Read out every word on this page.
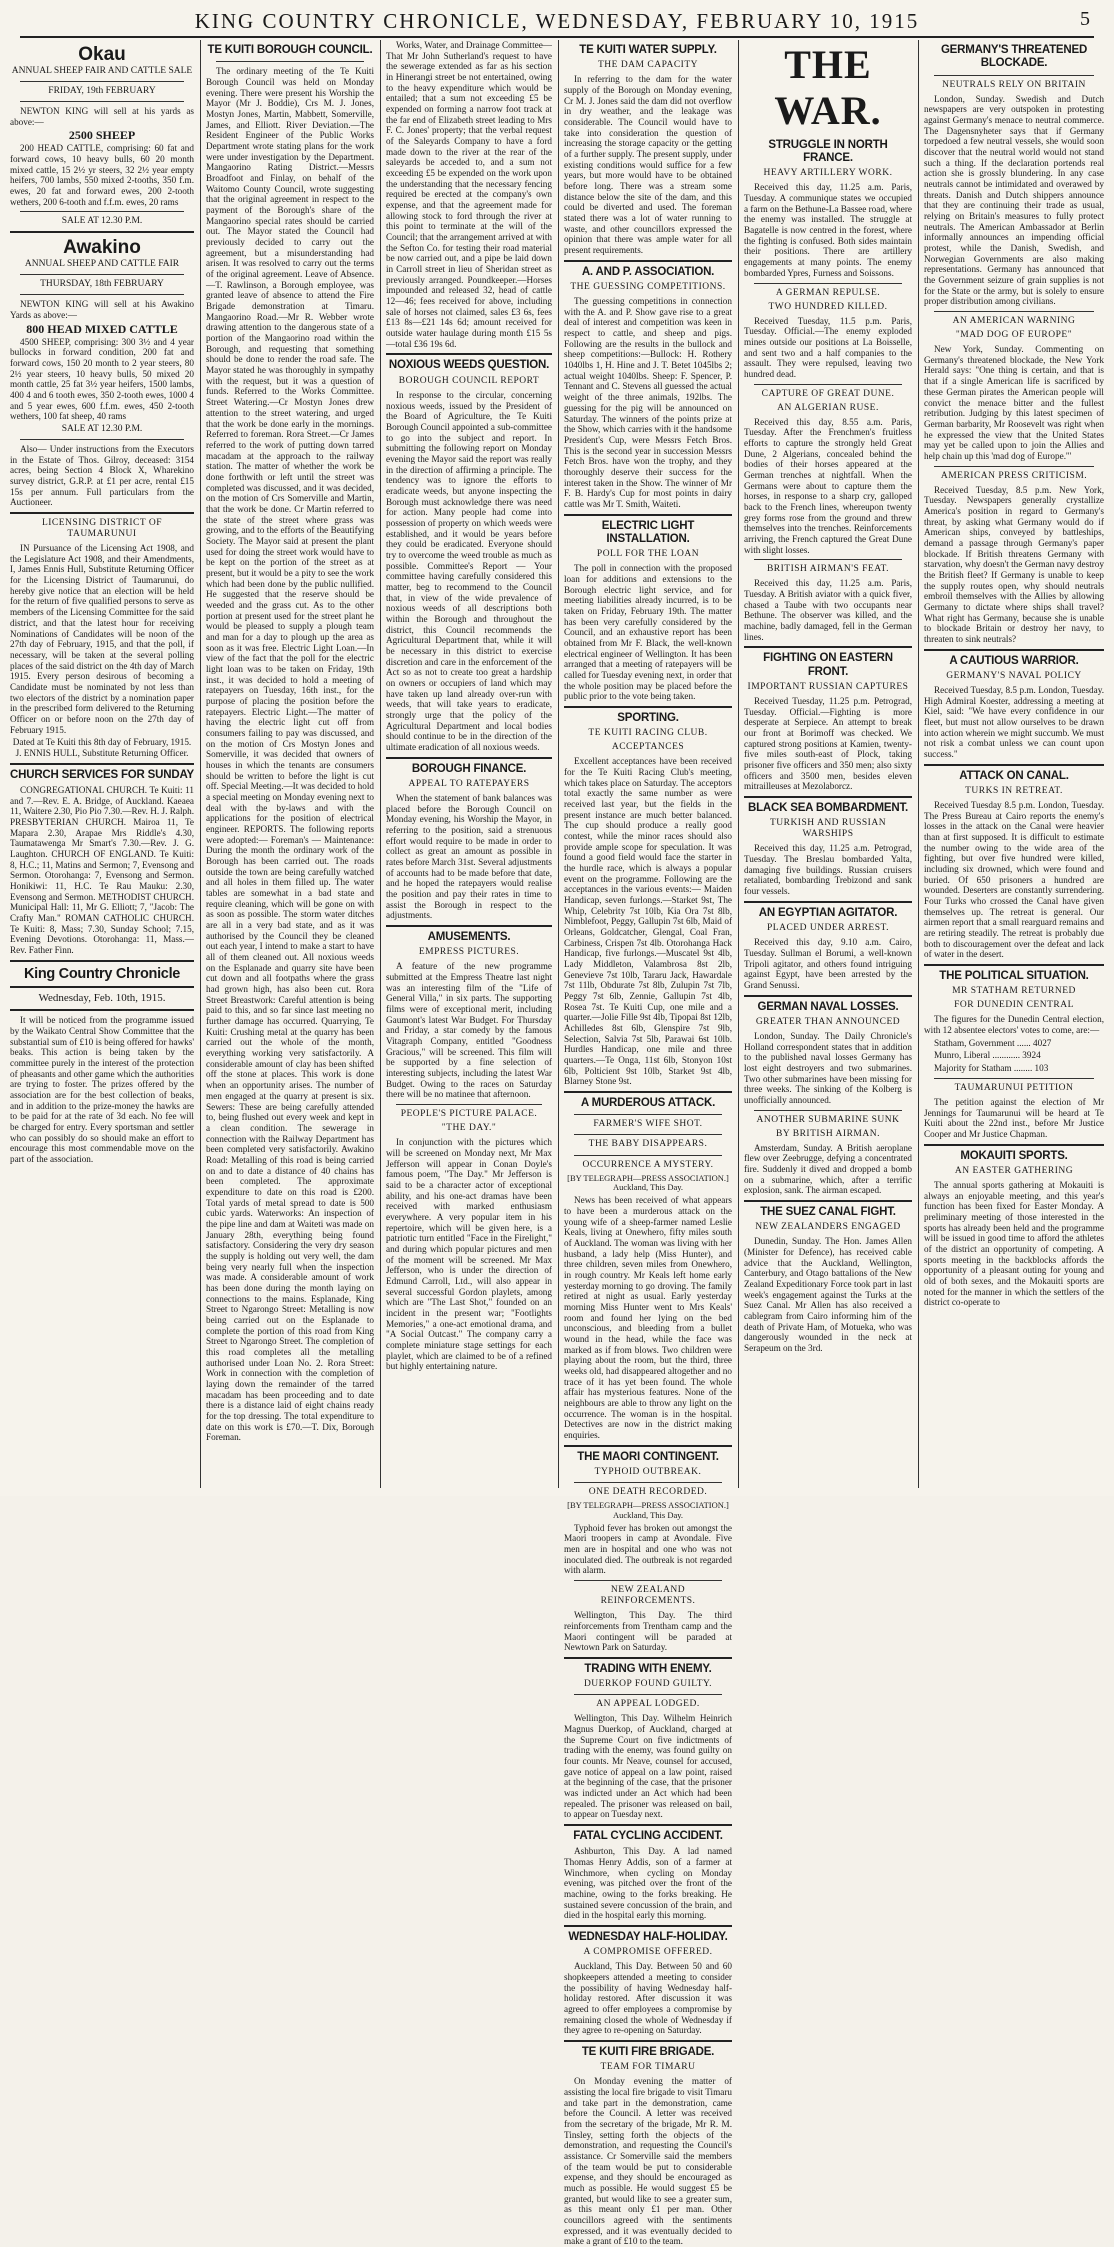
KING COUNTRY CHRONICLE, WEDNESDAY, FEBRUARY 10, 1915	5
Okau
ANNUAL SHEEP FAIR AND CATTLE SALE
FRIDAY, 19th FEBRUARY

NEWTON KING will sell at his yards as above:—

2500 SHEEP

200 HEAD CATTLE, comprising: 60 fat and forward cows, 10 heavy bulls, 60 20 month mixed cattle, 15 2½ yr steers, 32 2½ year empty heifers, 700 lambs, 550 mixed 2-tooths, 350 f.m. ewes, 20 fat and forward ewes, 200 2-tooth wethers, 200 6-tooth and f.f.m. ewes, 20 rams

SALE AT 12.30 P.M.
Awakino
ANNUAL SHEEP AND CATTLE FAIR
THURSDAY, 18th FEBRUARY

NEWTON KING will sell at his Awakino Yards as above:—

800 HEAD MIXED CATTLE

4500 SHEEP, comprising: 300 3½ and 4 year bullocks in forward condition, 200 fat and forward cows, 150 20 month to 2 year steers, 80 2½ year steers, 10 heavy bulls, 50 mixed 20 month cattle, 25 fat 3½ year heifers, 1500 lambs, 400 4 and 6 tooth ewes, 350 2-tooth ewes, 1000 4 and 5 year ewes, 600 f.f.m. ewes, 450 2-tooth wethers, 100 fat sheep, 40 rams

SALE AT 12.30 P.M.

Also— Under instructions from the Executors in the Estate of Thos. Gilroy, deceased: 3154 acres, being Section 4 Block X, Wharekino survey district, G.R.P. at £1 per acre, rental £15 15s per annum. Full particulars from the Auctioneer.

LICENSING DISTRICT OF TAUMARUNUI

IN Pursuance of the Licensing Act 1908, and the Legislature Act 1908, and their Amendments, I, James Ennis Hull, Substitute Returning Officer for the Licensing District of Taumarunui, do hereby give notice that an election will be held for the return of five qualified persons to serve as members of the Licensing Committee for the said district, and that the latest hour for receiving Nominations of Candidates will be noon of the 27th day of February, 1915, and that the poll, if necessary, will be taken at the several polling places of the said district on the 4th day of March 1915. Every person desirous of becoming a Candidate must be nominated by not less than two electors of the district by a nomination paper in the prescribed form delivered to the Returning Officer on or before noon on the 27th day of February 1915.

Dated at Te Kuiti this 8th day of February, 1915. J. ENNIS HULL, Substitute Returning Officer.

CHURCH SERVICES FOR SUNDAY

CONGREGATIONAL CHURCH. Te Kuiti: 11 and 7.—Rev. E. A. Bridge, of Auckland. Kaeaea 11, Waitere 2.30, Pio Pio 7.30.—Rev. H. J. Ralph. PRESBYTERIAN CHURCH. Mairoa 11, Te Mapara 2.30, Arapae Mrs Riddle's 4.30, Taumatawenga Mr Smart's 7.30.—Rev. J. G. Laughton. CHURCH OF ENGLAND. Te Kuiti: 8, H.C.; 11, Matins and Sermon; 7, Evensong and Sermon. Otorohanga: 7, Evensong and Sermon. Honikiwi: 11, H.C. Te Rau Mauku: 2.30, Evensong and Sermon. METHODIST CHURCH. Municipal Hall: 11, Mr G. Elliott; 7, "Jacob: The Crafty Man." ROMAN CATHOLIC CHURCH. Te Kuiti: 8, Mass; 7.30, Sunday School; 7.15, Evening Devotions. Otorohanga: 11, Mass.—Rev. Father Finn.

King Country Chronicle
Wednesday, Feb. 10th, 1915.

It will be noticed from the programme issued by the Waikato Central Show Committee that the substantial sum of £10 is being offered for hawks' beaks. This action is being taken by the committee purely in the interest of the protection of pheasants and other game which the authorities are trying to foster. The prizes offered by the association are for the best collection of beaks, and in addition to the prize-money the hawks are to be paid for at the rate of 3d each. No fee will be charged for entry. Every sportsman and settler who can possibly do so should make an effort to encourage this most commendable move on the part of the association.

TE KUITI BOROUGH COUNCIL.

The ordinary meeting of the Te Kuiti Borough Council was held on Monday evening. There were present his Worship the Mayor (Mr J. Boddie), Crs M. J. Jones, Mostyn Jones, Martin, Mabbett, Somerville, James, and Elliott. River Deviation.—The Resident Engineer of the Public Works Department wrote stating plans for the work were under investigation by the Department. Mangaorino Rating District.—Messrs Broadfoot and Finlay, on behalf of the Waitomo County Council, wrote suggesting that the original agreement in respect to the payment of the Borough's share of the Mangaorino special rates should be carried out. The Mayor stated the Council had previously decided to carry out the agreement, but a misunderstanding had arisen. It was resolved to carry out the terms of the original agreement. Leave of Absence.—T. Rawlinson, a Borough employee, was granted leave of absence to attend the Fire Brigade demonstration at Timaru. Mangaorino Road.—Mr R. Webber wrote drawing attention to the dangerous state of a portion of the Mangaorino road within the Borough, and requesting that something should be done to render the road safe. The Mayor stated he was thoroughly in sympathy with the request, but it was a question of funds. Referred to the Works Committee. Street Watering.—Cr Mostyn Jones drew attention to the street watering, and urged that the work be done early in the mornings. Referred to foreman. Rora Street.—Cr James referred to the work of putting down tarred macadam at the approach to the railway station. The matter of whether the work be done forthwith or left until the street was completed was discussed, and it was decided, on the motion of Crs Somerville and Martin, that the work be done. Cr Martin referred to the state of the street where grass was growing, and to the efforts of the Beautifying Society. The Mayor said at present the plant used for doing the street work would have to be kept on the portion of the street as at present, but it would be a pity to see the work which had been done by the public nullified. He suggested that the reserve should be weeded and the grass cut. As to the other portion at present used for the street plant he would be pleased to supply a plough team and man for a day to plough up the area as soon as it was free. Electric Light Loan.—In view of the fact that the poll for the electric light loan was to be taken on Friday, 19th inst., it was decided to hold a meeting of ratepayers on Tuesday, 16th inst., for the purpose of placing the position before the ratepayers. Electric Light.—The matter of having the electric light cut off from consumers failing to pay was discussed, and on the motion of Crs Mostyn Jones and Somerville, it was decided that owners of houses in which the tenants are consumers should be written to before the light is cut off. Special Meeting.—It was decided to hold a special meeting on Monday evening next to deal with the by-laws and with the applications for the position of electrical engineer. REPORTS. The following reports were adopted:— Foreman's — Maintenance: During the month the ordinary work of the Borough has been carried out. The roads outside the town are being carefully watched and all holes in them filled up. The water tables are somewhat in a bad state and require cleaning, which will be gone on with as soon as possible. The storm water ditches are all in a very bad state, and as it was authorised by the Council they be cleaned out each year, I intend to make a start to have all of them cleaned out. All noxious weeds on the Esplanade and quarry site have been cut down and all footpaths where the grass had grown high, has also been cut. Rora Street Breastwork: Careful attention is being paid to this, and so far since last meeting no further damage has occurred. Quarrying, Te Kuiti: Crushing metal at the quarry has been carried out the whole of the month, everything working very satisfactorily. A considerable amount of clay has been shifted off the stone at places. This work is done when an opportunity arises. The number of men engaged at the quarry at present is six. Sewers: These are being carefully attended to, being flushed out every week and kept in a clean condition. The sewerage in connection with the Railway Department has been completed very satisfactorily. Awakino Road: Metalling of this road is being carried on and to date a distance of 40 chains has been completed. The approximate expenditure to date on this road is £200. Total yards of metal spread to date is 500 cubic yards. Waterworks: An inspection of the pipe line and dam at Waiteti was made on January 28th, everything being found satisfactory. Considering the very dry season the supply is holding out very well, the dam being very nearly full when the inspection was made. A considerable amount of work has been done during the month laying on connections to the mains. Esplanade, King Street to Ngarongo Street: Metalling is now being carried out on the Esplanade to complete the portion of this road from King Street to Ngarongo Street. The completion of this road completes all the metalling authorised under Loan No. 2. Rora Street: Work in connection with the completion of laying down the remainder of the tarred macadam has been proceeding and to date there is a distance laid of eight chains ready for the top dressing. The total expenditure to date on this work is £70.—T. Dix, Borough Foreman.

Works, Water, and Drainage Committee—That Mr John Sutherland's request to have the sewerage extended as far as his section in Hinerangi street be not entertained, owing to the heavy expenditure which would be entailed; that a sum not exceeding £5 be expended on forming a narrow foot track at the far end of Elizabeth street leading to Mrs F. C. Jones' property; that the verbal request of the Saleyards Company to have a ford made down to the river at the rear of the saleyards be acceded to, and a sum not exceeding £5 be expended on the work upon the understanding that the necessary fencing required be erected at the company's own expense, and that the agreement made for allowing stock to ford through the river at this point to terminate at the will of the Council; that the arrangement arrived at with the Sefton Co. for testing their road material be now carried out, and a pipe be laid down in Carroll street in lieu of Sheridan street as previously arranged. Poundkeeper.—Horses impounded and released 32, head of cattle 12—46; fees received for above, including sale of horses not claimed, sales £3 6s, fees £13 8s—£21 14s 6d; amount received for outside water haulage during month £15 5s—total £36 19s 6d.

NOXIOUS WEEDS QUESTION.
BOROUGH COUNCIL REPORT

In response to the circular, concerning noxious weeds, issued by the President of the Board of Agriculture, the Te Kuiti Borough Council appointed a sub-committee to go into the subject and report. In submitting the following report on Monday evening the Mayor said the report was really in the direction of affirming a principle. The tendency was to ignore the efforts to eradicate weeds, but anyone inspecting the Borough must acknowledge there was need for action. Many people had come into possession of property on which weeds were established, and it would be years before they could be eradicated. Everyone should try to overcome the weed trouble as much as possible. Committee's Report — Your committee having carefully considered this matter, beg to recommend to the Council that, in view of the wide prevalence of noxious weeds of all descriptions both within the Borough and throughout the district, this Council recommends the Agricultural Department that, while it will be necessary in this district to exercise discretion and care in the enforcement of the Act so as not to create too great a hardship on owners or occupiers of land which may have taken up land already over-run with weeds, that will take years to eradicate, strongly urge that the policy of the Agricultural Department and local bodies should continue to be in the direction of the ultimate eradication of all noxious weeds.

BOROUGH FINANCE.
APPEAL TO RATEPAYERS

When the statement of bank balances was placed before the Borough Council on Monday evening, his Worship the Mayor, in referring to the position, said a strenuous effort would require to be made in order to collect as great an amount as possible in rates before March 31st. Several adjustments of accounts had to be made before that date, and he hoped the ratepayers would realise the position and pay their rates in time to assist the Borough in respect to the adjustments.

AMUSEMENTS.
EMPRESS PICTURES.

A feature of the new programme submitted at the Empress Theatre last night was an interesting film of the "Life of General Villa," in six parts. The supporting films were of exceptional merit, including Gaumont's latest War Budget. For Thursday and Friday, a star comedy by the famous Vitagraph Company, entitled "Goodness Gracious," will be screened. This film will be supported by a fine selection of interesting subjects, including the latest War Budget. Owing to the races on Saturday there will be no matinee that afternoon.

PEOPLE'S PICTURE PALACE.
"THE DAY."

In conjunction with the pictures which will be screened on Monday next, Mr Max Jefferson will appear in Conan Doyle's famous poem, "The Day." Mr Jefferson is said to be a character actor of exceptional ability, and his one-act dramas have been received with marked enthusiasm everywhere. A very popular item in his repertoire, which will be given here, is a patriotic turn entitled "Face in the Firelight," and during which popular pictures and men of the moment will be screened. Mr Max Jefferson, who is under the direction of Edmund Carroll, Ltd., will also appear in several successful Gordon playlets, among which are "The Last Shot," founded on an incident in the present war; "Footlights Memories," a one-act emotional drama, and "A Social Outcast." The company carry a complete miniature stage settings for each playlet, which are claimed to be of a refined but highly entertaining nature.

TE KUITI WATER SUPPLY.
THE DAM CAPACITY

In referring to the dam for the water supply of the Borough on Monday evening, Cr M. J. Jones said the dam did not overflow in dry weather, and the leakage was considerable. The Council would have to take into consideration the question of increasing the storage capacity or the getting of a further supply. The present supply, under existing conditions would suffice for a few years, but more would have to be obtained before long. There was a stream some distance below the site of the dam, and this could be diverted and used. The foreman stated there was a lot of water running to waste, and other councillors expressed the opinion that there was ample water for all present requirements.

A. AND P. ASSOCIATION.
THE GUESSING COMPETITIONS.

The guessing competitions in connection with the A. and P. Show gave rise to a great deal of interest and competition was keen in respect to cattle, and sheep and pigs. Following are the results in the bullock and sheep competitions:—Bullock: H. Rothery 1040lbs 1, H. Hine and J. T. Betet 1045lbs 2; actual weight 1040lbs. Sheep: F. Spencer, P. Tennant and C. Stevens all guessed the actual weight of the three animals, 192lbs. The guessing for the pig will be announced on Saturday. The winners of the points prize at the Show, which carries with it the handsome President's Cup, were Messrs Fetch Bros. This is the second year in succession Messrs Fetch Bros. have won the trophy, and they thoroughly deserve their success for the interest taken in the Show. The winner of Mr F. B. Hardy's Cup for most points in dairy cattle was Mr T. Smith, Waiteti.

ELECTRIC LIGHT INSTALLATION.
POLL FOR THE LOAN

The poll in connection with the proposed loan for additions and extensions to the Borough electric light service, and for meeting liabilities already incurred, is to be taken on Friday, February 19th. The matter has been very carefully considered by the Council, and an exhaustive report has been obtained from Mr F. Black, the well-known electrical engineer of Wellington. It has been arranged that a meeting of ratepayers will be called for Tuesday evening next, in order that the whole position may be placed before the public prior to the vote being taken.

SPORTING.
TE KUITI RACING CLUB.
ACCEPTANCES

Excellent acceptances have been received for the Te Kuiti Racing Club's meeting, which takes place on Saturday. The acceptors total exactly the same number as were received last year, but the fields in the present instance are much better balanced. The cup should produce a really good contest, while the minor races should also provide ample scope for speculation. It was found a good field would face the starter in the hurdle race, which is always a popular event on the programme. Following are the acceptances in the various events:— Maiden Handicap, seven furlongs.—Starket 9st, The Whip, Celebrity 7st 10lb, Kia Ora 7st 8lb, Nimblefoot, Peggy, Gallupin 7st 6lb, Maid of Orleans, Goldcatcher, Glengal, Coal Fran, Carbiness, Crispen 7st 4lb. Otorohanga Hack Handicap, five furlongs.—Muscatel 9st 4lb, Lady Middleton, Valambrosa 8st 2lb, Genevieve 7st 10lb, Tararu Jack, Hawardale 7st 11lb, Obdurate 7st 8lb, Zulupin 7st 7lb, Peggy 7st 6lb, Zennie, Gallupin 7st 4lb, Rosea 7st. Te Kuiti Cup, one mile and a quarter.—Jolie Fille 9st 4lb, Tipopai 8st 12lb, Achilledes 8st 6lb, Glenspire 7st 9lb, Selection, Salvia 7st 5lb, Parawai 6st 10lb. Hurdles Handicap, one mile and three quarters.—Te Onga, 11st 6lb, Stonyon 10st 6lb, Polticient 9st 10lb, Starket 9st 4lb, Blarney Stone 9st.

A MURDEROUS ATTACK.
FARMER'S WIFE SHOT.
THE BABY DISAPPEARS.
OCCURRENCE A MYSTERY.
[BY TELEGRAPH—PRESS ASSOCIATION.] Auckland, This Day.

News has been received of what appears to have been a murderous attack on the young wife of a sheep-farmer named Leslie Keals, living at Onewhero, fifty miles south of Auckland. The woman was living with her husband, a lady help (Miss Hunter), and three children, seven miles from Onewhero, in rough country. Mr Keals left home early yesterday morning to go droving. The family retired at night as usual. Early yesterday morning Miss Hunter went to Mrs Keals' room and found her lying on the bed unconscious, and bleeding from a bullet wound in the head, while the face was marked as if from blows. Two children were playing about the room, but the third, three weeks old, had disappeared altogether and no trace of it has yet been found. The whole affair has mysterious features. None of the neighbours are able to throw any light on the occurrence. The woman is in the hospital. Detectives are now in the district making enquiries.

THE MAORI CONTINGENT.
TYPHOID OUTBREAK.
ONE DEATH RECORDED.
[BY TELEGRAPH—PRESS ASSOCIATION.] Auckland, This Day.

Typhoid fever has broken out amongst the Maori troopers in camp at Avondale. Five men are in hospital and one who was not inoculated died. The outbreak is not regarded with alarm.

NEW ZEALAND REINFORCEMENTS.

Wellington, This Day. The third reinforcements from Trentham camp and the Maori contingent will be paraded at Newtown Park on Saturday.

TRADING WITH ENEMY.
DUERKOP FOUND GUILTY.
AN APPEAL LODGED.

Wellington, This Day. Wilhelm Heinrich Magnus Duerkop, of Auckland, charged at the Supreme Court on five indictments of trading with the enemy, was found guilty on four counts. Mr Neave, counsel for accused, gave notice of appeal on a law point, raised at the beginning of the case, that the prisoner was indicted under an Act which had been repealed. The prisoner was released on bail, to appear on Tuesday next.

FATAL CYCLING ACCIDENT.

Ashburton, This Day. A lad named Thomas Henry Addis, son of a farmer at Winchmore, when cycling on Monday evening, was pitched over the front of the machine, owing to the forks breaking. He sustained severe concussion of the brain, and died in the hospital early this morning.

WEDNESDAY HALF-HOLIDAY.
A COMPROMISE OFFERED.

Auckland, This Day. Between 50 and 60 shopkeepers attended a meeting to consider the possibility of having Wednesday half-holiday restored. After discussion it was agreed to offer employees a compromise by remaining closed the whole of Wednesday if they agree to re-opening on Saturday.

TE KUITI FIRE BRIGADE.
TEAM FOR TIMARU

On Monday evening the matter of assisting the local fire brigade to visit Timaru and take part in the demonstration, came before the Council. A letter was received from the secretary of the brigade, Mr R. M. Tinsley, setting forth the objects of the demonstration, and requesting the Council's assistance. Cr Somerville said the members of the team would be put to considerable expense, and they should be encouraged as much as possible. He would suggest £5 be granted, but would like to see a greater sum, as this meant only £1 per man. Other councillors agreed with the sentiments expressed, and it was eventually decided to make a grant of £10 to the team.

THE WAR.
STRUGGLE IN NORTH FRANCE.
HEAVY ARTILLERY WORK.

Received this day, 11.25 a.m. Paris, Tuesday. A communique states we occupied a farm on the Bethune-La Bassee road, where the enemy was installed. The struggle at Bagatelle is now centred in the forest, where the fighting is confused. Both sides maintain their positions. There are artillery engagements at many points. The enemy bombarded Ypres, Furness and Soissons.

A GERMAN REPULSE.
TWO HUNDRED KILLED.

Received Tuesday, 11.5 p.m. Paris, Tuesday. Official.—The enemy exploded mines outside our positions at La Boisselle, and sent two and a half companies to the assault. They were repulsed, leaving two hundred dead.

CAPTURE OF GREAT DUNE.
AN ALGERIAN RUSE.

Received this day, 8.55 a.m. Paris, Tuesday. After the Frenchmen's fruitless efforts to capture the strongly held Great Dune, 2 Algerians, concealed behind the bodies of their horses appeared at the German trenches at nightfall. When the Germans were about to capture them the horses, in response to a sharp cry, galloped back to the French lines, whereupon twenty grey forms rose from the ground and threw themselves into the trenches. Reinforcements arriving, the French captured the Great Dune with slight losses.

BRITISH AIRMAN'S FEAT.

Received this day, 11.25 a.m. Paris, Tuesday. A British aviator with a quick fiver, chased a Taube with two occupants near Bethune. The observer was killed, and the machine, badly damaged, fell in the German lines.

FIGHTING ON EASTERN FRONT.
IMPORTANT RUSSIAN CAPTURES

Received Tuesday, 11.25 p.m. Petrograd, Tuesday. Official.—Fighting is more desperate at Serpiece. An attempt to break our front at Borimoff was checked. We captured strong positions at Kamien, twenty-five miles south-east of Plock, taking prisoner five officers and 350 men; also sixty officers and 3500 men, besides eleven mitrailleuses at Mezolaborcz.

BLACK SEA BOMBARDMENT.
TURKISH AND RUSSIAN WARSHIPS

Received this day, 11.25 a.m. Petrograd, Tuesday. The Breslau bombarded Yalta, damaging five buildings. Russian cruisers retaliated, bombarding Trebizond and sank four vessels.

AN EGYPTIAN AGITATOR.
PLACED UNDER ARREST.

Received this day, 9.10 a.m. Cairo, Tuesday. Sullman el Borumi, a well-known Tripoli agitator, and others found intriguing against Egypt, have been arrested by the Grand Senussi.

GERMAN NAVAL LOSSES.
GREATER THAN ANNOUNCED

London, Sunday. The Daily Chronicle's Holland correspondent states that in addition to the published naval losses Germany has lost eight destroyers and two submarines. Two other submarines have been missing for three weeks. The sinking of the Kolberg is unofficially announced.

ANOTHER SUBMARINE SUNK
BY BRITISH AIRMAN.

Amsterdam, Sunday. A British aeroplane flew over Zeebrugge, defying a concentrated fire. Suddenly it dived and dropped a bomb on a submarine, which, after a terrific explosion, sank. The airman escaped.

THE SUEZ CANAL FIGHT.
NEW ZEALANDERS ENGAGED

Dunedin, Sunday. The Hon. James Allen (Minister for Defence), has received cable advice that the Auckland, Wellington, Canterbury, and Otago battalions of the New Zealand Expeditionary Force took part in last week's engagement against the Turks at the Suez Canal. Mr Allen has also received a cablegram from Cairo informing him of the death of Private Ham, of Motueka, who was dangerously wounded in the neck at Serapeum on the 3rd.

GERMANY'S THREATENED BLOCKADE.
NEUTRALS RELY ON BRITAIN

London, Sunday. Swedish and Dutch newspapers are very outspoken in protesting against Germany's menace to neutral commerce. The Dagensnyheter says that if Germany torpedoed a few neutral vessels, she would soon discover that the neutral world would not stand such a thing. If the declaration portends real action she is grossly blundering. In any case neutrals cannot be intimidated and overawed by threats. Danish and Dutch shippers announce that they are continuing their trade as usual, relying on Britain's measures to fully protect neutrals. The American Ambassador at Berlin informally announces an impending official protest, while the Danish, Swedish, and Norwegian Governments are also making representations. Germany has announced that the Government seizure of grain supplies is not for the State or the army, but is solely to ensure proper distribution among civilians.

AN AMERICAN WARNING
"MAD DOG OF EUROPE"

New York, Sunday. Commenting on Germany's threatened blockade, the New York Herald says: "One thing is certain, and that is that if a single American life is sacrificed by these German pirates the American people will convict the menace bitter and the fullest retribution. Judging by this latest specimen of German barbarity, Mr Roosevelt was right when he expressed the view that the United States may yet be called upon to join the Allies and help chain up this 'mad dog of Europe.'"

AMERICAN PRESS CRITICISM.

Received Tuesday, 8.5 p.m. New York, Tuesday. Newspapers generally crystallize America's position in regard to Germany's threat, by asking what Germany would do if American ships, conveyed by battleships, demand a passage through Germany's paper blockade. If British threatens Germany with starvation, why doesn't the German navy destroy the British fleet? If Germany is unable to keep the supply routes open, why should neutrals embroil themselves with the Allies by allowing Germany to dictate where ships shall travel? What right has Germany, because she is unable to blockade Britain or destroy her navy, to threaten to sink neutrals?

A CAUTIOUS WARRIOR.
GERMANY'S NAVAL POLICY

Received Tuesday, 8.5 p.m. London, Tuesday. High Admiral Koester, addressing a meeting at Kiel, said: "We have every confidence in our fleet, but must not allow ourselves to be drawn into action wherein we might succumb. We must not risk a combat unless we can count upon success."

ATTACK ON CANAL.
TURKS IN RETREAT.

Received Tuesday 8.5 p.m. London, Tuesday. The Press Bureau at Cairo reports the enemy's losses in the attack on the Canal were heavier than at first supposed. It is difficult to estimate the number owing to the wide area of the fighting, but over five hundred were killed, including six drowned, which were found and buried. Of 650 prisoners a hundred are wounded. Deserters are constantly surrendering. Four Turks who crossed the Canal have given themselves up. The retreat is general. Our airmen report that a small rearguard remains and are retiring steadily. The retreat is probably due both to discouragement over the defeat and lack of water in the desert.

THE POLITICAL SITUATION.
MR STATHAM RETURNED
FOR DUNEDIN CENTRAL

The figures for the Dunedin Central election, with 12 absentee electors' votes to come, are:—

Statham, Government ...... 4027

Munro, Liberal ............ 3924

Majority for Statham ........ 103

TAUMARUNUI PETITION

The petition against the election of Mr Jennings for Taumarunui will be heard at Te Kuiti about the 22nd inst., before Mr Justice Cooper and Mr Justice Chapman.

MOKAUITI SPORTS.
AN EASTER GATHERING

The annual sports gathering at Mokauiti is always an enjoyable meeting, and this year's function has been fixed for Easter Monday. A preliminary meeting of those interested in the sports has already been held and the programme will be issued in good time to afford the athletes of the district an opportunity of competing. A sports meeting in the backblocks affords the opportunity of a pleasant outing for young and old of both sexes, and the Mokauiti sports are noted for the manner in which the settlers of the district co-operate to
